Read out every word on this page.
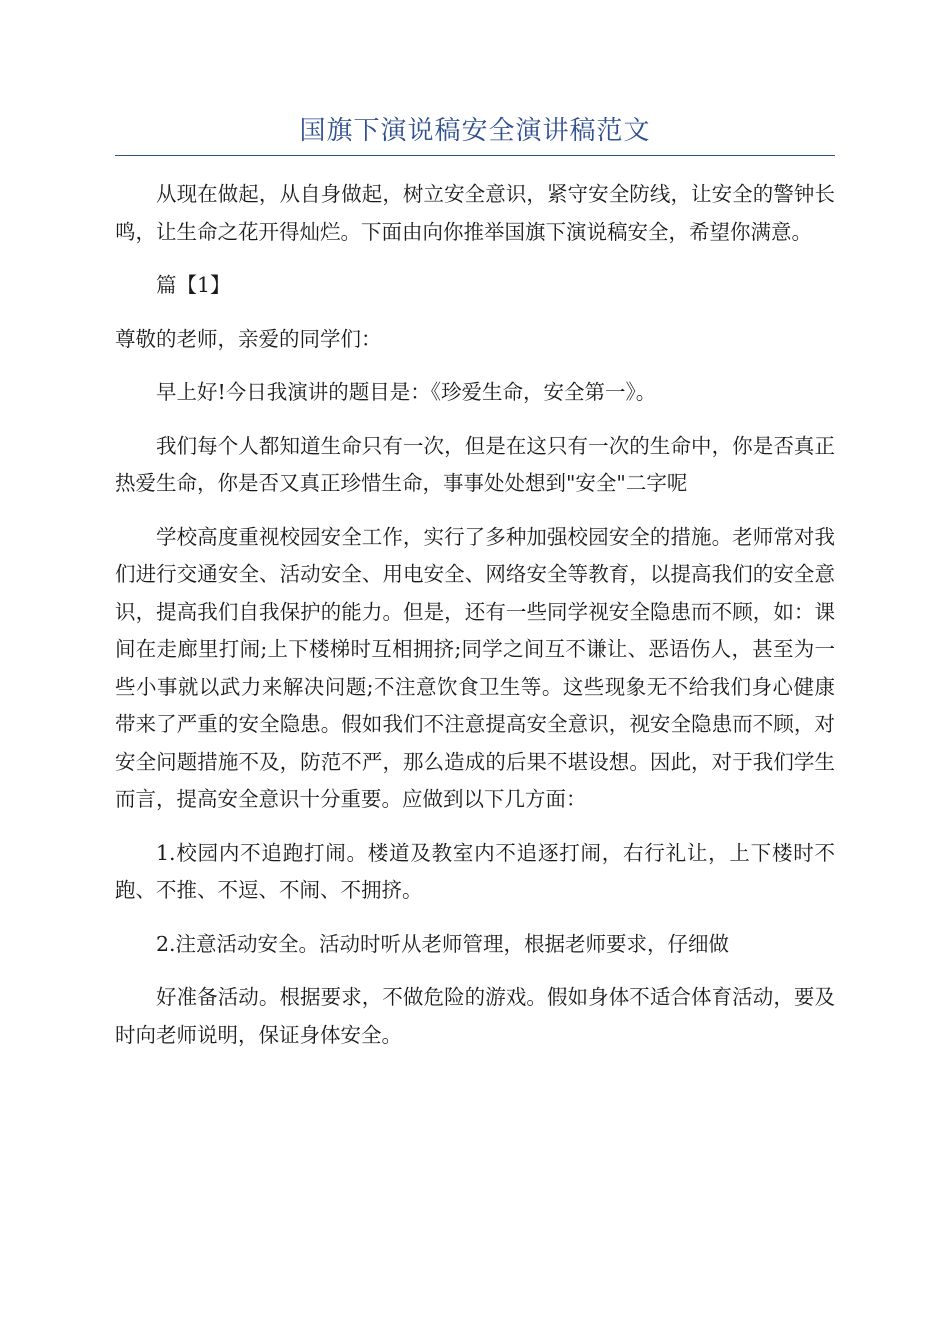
国旗下演说稿安全演讲稿范文

从现在做起，从自身做起，树立安全意识，紧守安全防线，让安全的警钟长鸣，让生命之花开得灿烂。下面由向你推举国旗下演说稿安全，希望你满意。

篇【1】

尊敬的老师，亲爱的同学们：

早上好!今日我演讲的题目是：《珍爱生命，安全第一》。

我们每个人都知道生命只有一次，但是在这只有一次的生命中，你是否真正热爱生命，你是否又真正珍惜生命，事事处处想到"安全"二字呢

学校高度重视校园安全工作，实行了多种加强校园安全的措施。老师常对我们进行交通安全、活动安全、用电安全、网络安全等教育，以提高我们的安全意识，提高我们自我保护的能力。但是，还有一些同学视安全隐患而不顾，如：课间在走廊里打闹;上下楼梯时互相拥挤;同学之间互不谦让、恶语伤人，甚至为一些小事就以武力来解决问题;不注意饮食卫生等。这些现象无不给我们身心健康带来了严重的安全隐患。假如我们不注意提高安全意识，视安全隐患而不顾，对安全问题措施不及，防范不严，那么造成的后果不堪设想。因此，对于我们学生而言，提高安全意识十分重要。应做到以下几方面：

1.校园内不追跑打闹。楼道及教室内不追逐打闹，右行礼让，上下楼时不跑、不推、不逗、不闹、不拥挤。

2.注意活动安全。活动时听从老师管理，根据老师要求，仔细做

好准备活动。根据要求，不做危险的游戏。假如身体不适合体育活动，要及时向老师说明，保证身体安全。
